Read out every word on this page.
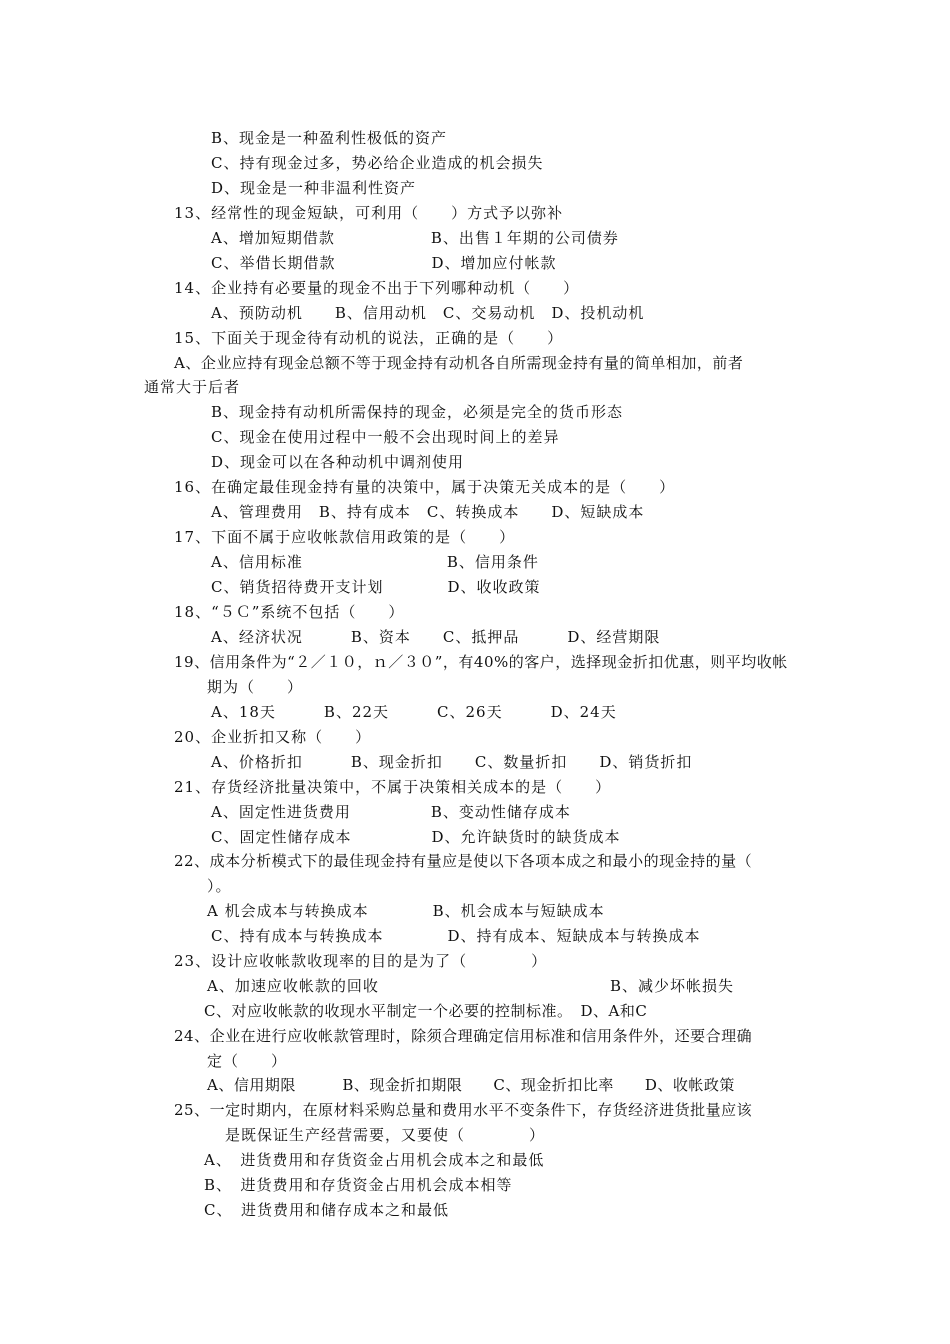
B、现金是一种盈利性极低的资产
C、持有现金过多，势必给企业造成的机会损失
D、现金是一种非温利性资产
13、经常性的现金短缺，可利用（　　）方式予以弥补
A、增加短期借款　　　　　　B、出售１年期的公司债券
C、举借长期借款　　　　　　D、增加应付帐款
14、企业持有必要量的现金不出于下列哪种动机（　　）
A、预防动机　　B、信用动机　C、交易动机　D、投机动机
15、下面关于现金待有动机的说法，正确的是（　　）
A、企业应持有现金总额不等于现金持有动机各自所需现金持有量的简单相加，前者
通常大于后者
B、现金持有动机所需保持的现金，必须是完全的货币形态
C、现金在使用过程中一般不会出现时间上的差异
D、现金可以在各种动机中调剂使用
16、在确定最佳现金持有量的决策中，属于决策无关成本的是（　　）
A、管理费用　B、持有成本　C、转换成本　　D、短缺成本
17、下面不属于应收帐款信用政策的是（　　）
A、信用标准　　　　　　　　　B、信用条件
C、销货招待费开支计划　　　　D、收收政策
18、“５Ｃ”系统不包括（　　）
A、经济状况　　　B、资本　　C、抵押品　　　D、经营期限
19、信用条件为“２／１０，ｎ／３０”，有40%的客户，选择现金折扣优惠，则平均收帐
期为（　　）
A、18天　　　B、22天　　　C、26天　　　D、24天
20、企业折扣又称（　　）
A、价格折扣　　　B、现金折扣　　C、数量折扣　　D、销货折扣
21、存货经济批量决策中，不属于决策相关成本的是（　　）
A、固定性进货费用　　　　　B、变动性储存成本
C、固定性储存成本　　　　　D、允许缺货时的缺货成本
22、成本分析模式下的最佳现金持有量应是使以下各项本成之和最小的现金持的量（
）。
A 机会成本与转换成本　　　　B、机会成本与短缺成本
C、持有成本与转换成本　　　　D、持有成本、短缺成本与转换成本
23、设计应收帐款收现率的目的是为了（　　　　）
A、加速应收帐款的回收	B、减少坏帐损失
C、对应收帐款的收现水平制定一个必要的控制标准。　D、A和C
24、企业在进行应收帐款管理时，除须合理确定信用标准和信用条件外，还要合理确
定（　　）
A、信用期限　　　B、现金折扣期限　　C、现金折扣比率　　D、收帐政策
25、一定时期内，在原材料采购总量和费用水平不变条件下，存货经济进货批量应该
是既保证生产经营需要，又要使（　　　　）
A、　进货费用和存货资金占用机会成本之和最低
B、　进货费用和存货资金占用机会成本相等
C、　进货费用和储存成本之和最低
